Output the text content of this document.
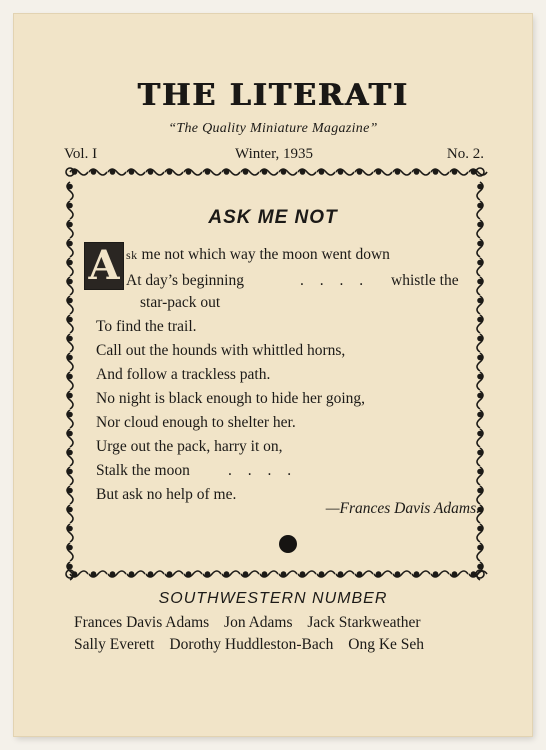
THE LITERATI
“The Quality Miniature Magazine”
Vol. I	Winter, 1935	No. 2.
ASK ME NOT
A sk me not which way the moon went down
At day’s beginning	. . . . whistle the
star-pack out
To find the trail.
Call out the hounds with whittled horns,
And follow a trackless path.
No night is black enough to hide her going,
Nor cloud enough to shelter her.
Urge out the pack, harry it on,
Stalk the moon . . . .
But ask no help of me.
—Frances Davis Adams.
SOUTHWESTERN NUMBER
Frances Davis Adams Jon Adams Jack Starkweather
Sally Everett Dorothy Huddleston-Bach Ong Ke Seh
